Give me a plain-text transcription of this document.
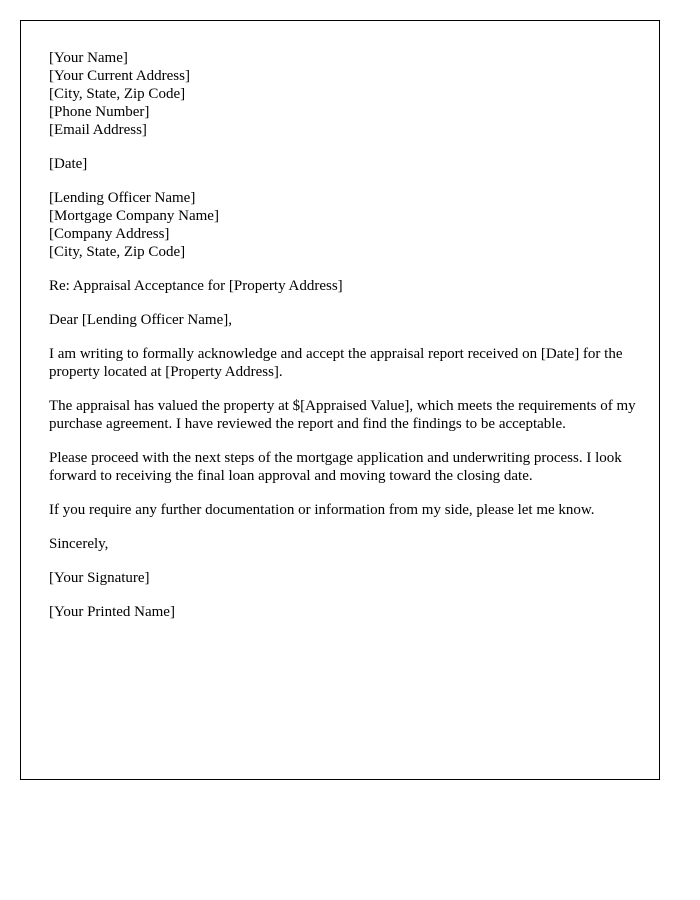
[Your Name]
[Your Current Address]
[City, State, Zip Code]
[Phone Number]
[Email Address]
[Date]
[Lending Officer Name]
[Mortgage Company Name]
[Company Address]
[City, State, Zip Code]

Re: Appraisal Acceptance for [Property Address]

Dear [Lending Officer Name],

I am writing to formally acknowledge and accept the appraisal report received on [Date] for the property located at [Property Address].

The appraisal has valued the property at $[Appraised Value], which meets the requirements of my purchase agreement. I have reviewed the report and find the findings to be acceptable.

Please proceed with the next steps of the mortgage application and underwriting process. I look forward to receiving the final loan approval and moving toward the closing date.

If you require any further documentation or information from my side, please let me know.

Sincerely,

[Your Signature]

[Your Printed Name]
